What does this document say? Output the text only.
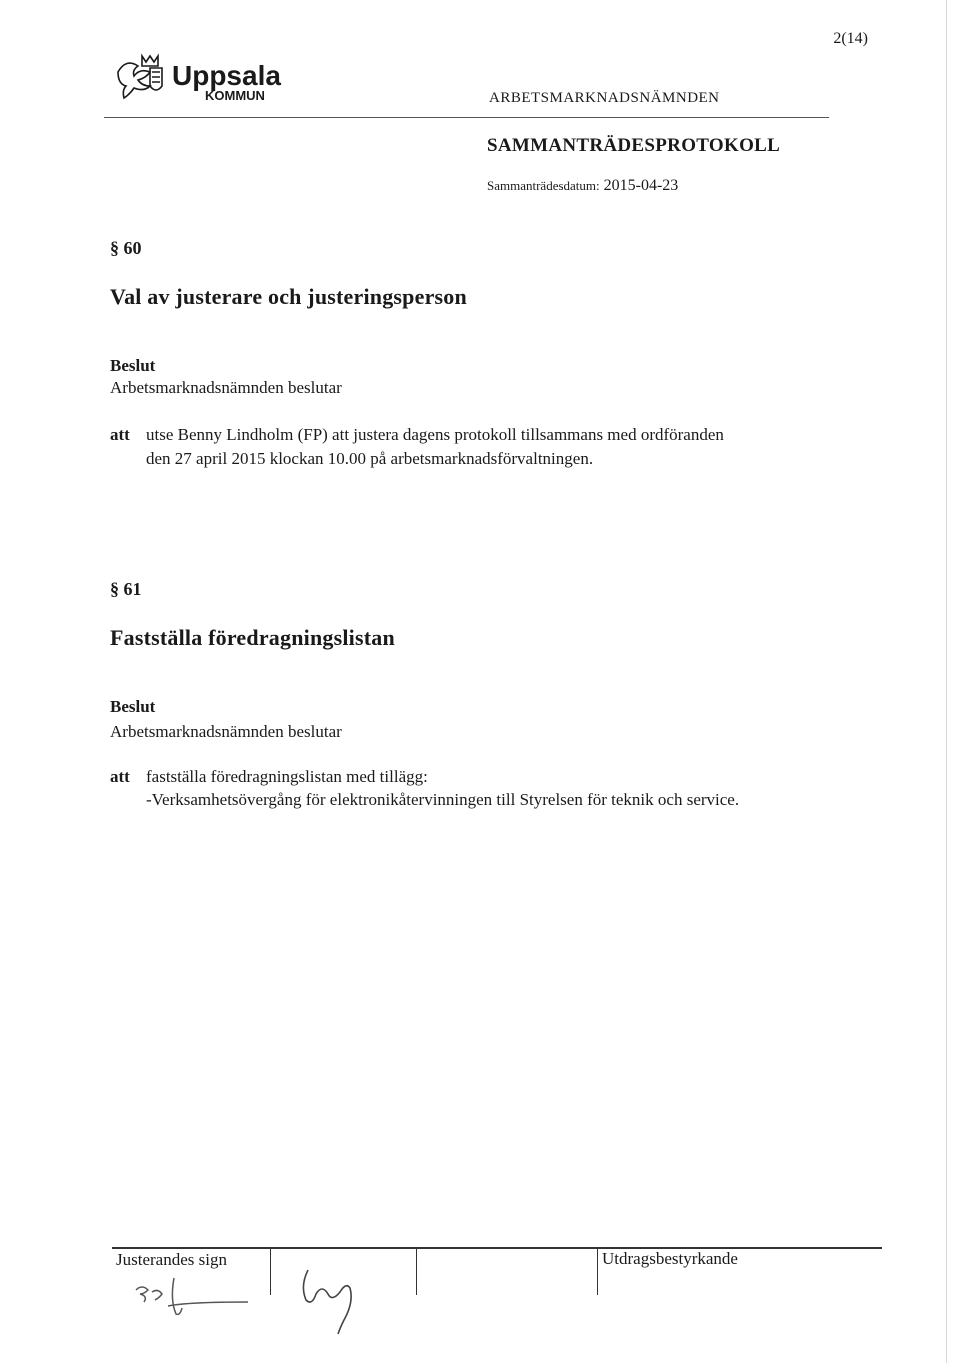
2(14)
Uppsala
KOMMUN	ARBETSMARKNADSNÄMNDEN
SAMMANTRÄDESPROTOKOLL
Sammanträdesdatum: 2015-04-23
§ 60
Val av justerare och justeringsperson
Beslut
Arbetsmarknadsnämnden beslutar
att utse Benny Lindholm (FP) att justera dagens protokoll tillsammans med ordföranden
den 27 april 2015 klockan 10.00 på arbetsmarknadsförvaltningen.
§ 61
Fastställa föredragningslistan
Beslut
Arbetsmarknadsnämnden beslutar
att fastställa föredragningslistan med tillägg:
-Verksamhetsövergång för elektronikåtervinningen till Styrelsen för teknik och service.
Justerandes sign	Utdragsbestyrkande
